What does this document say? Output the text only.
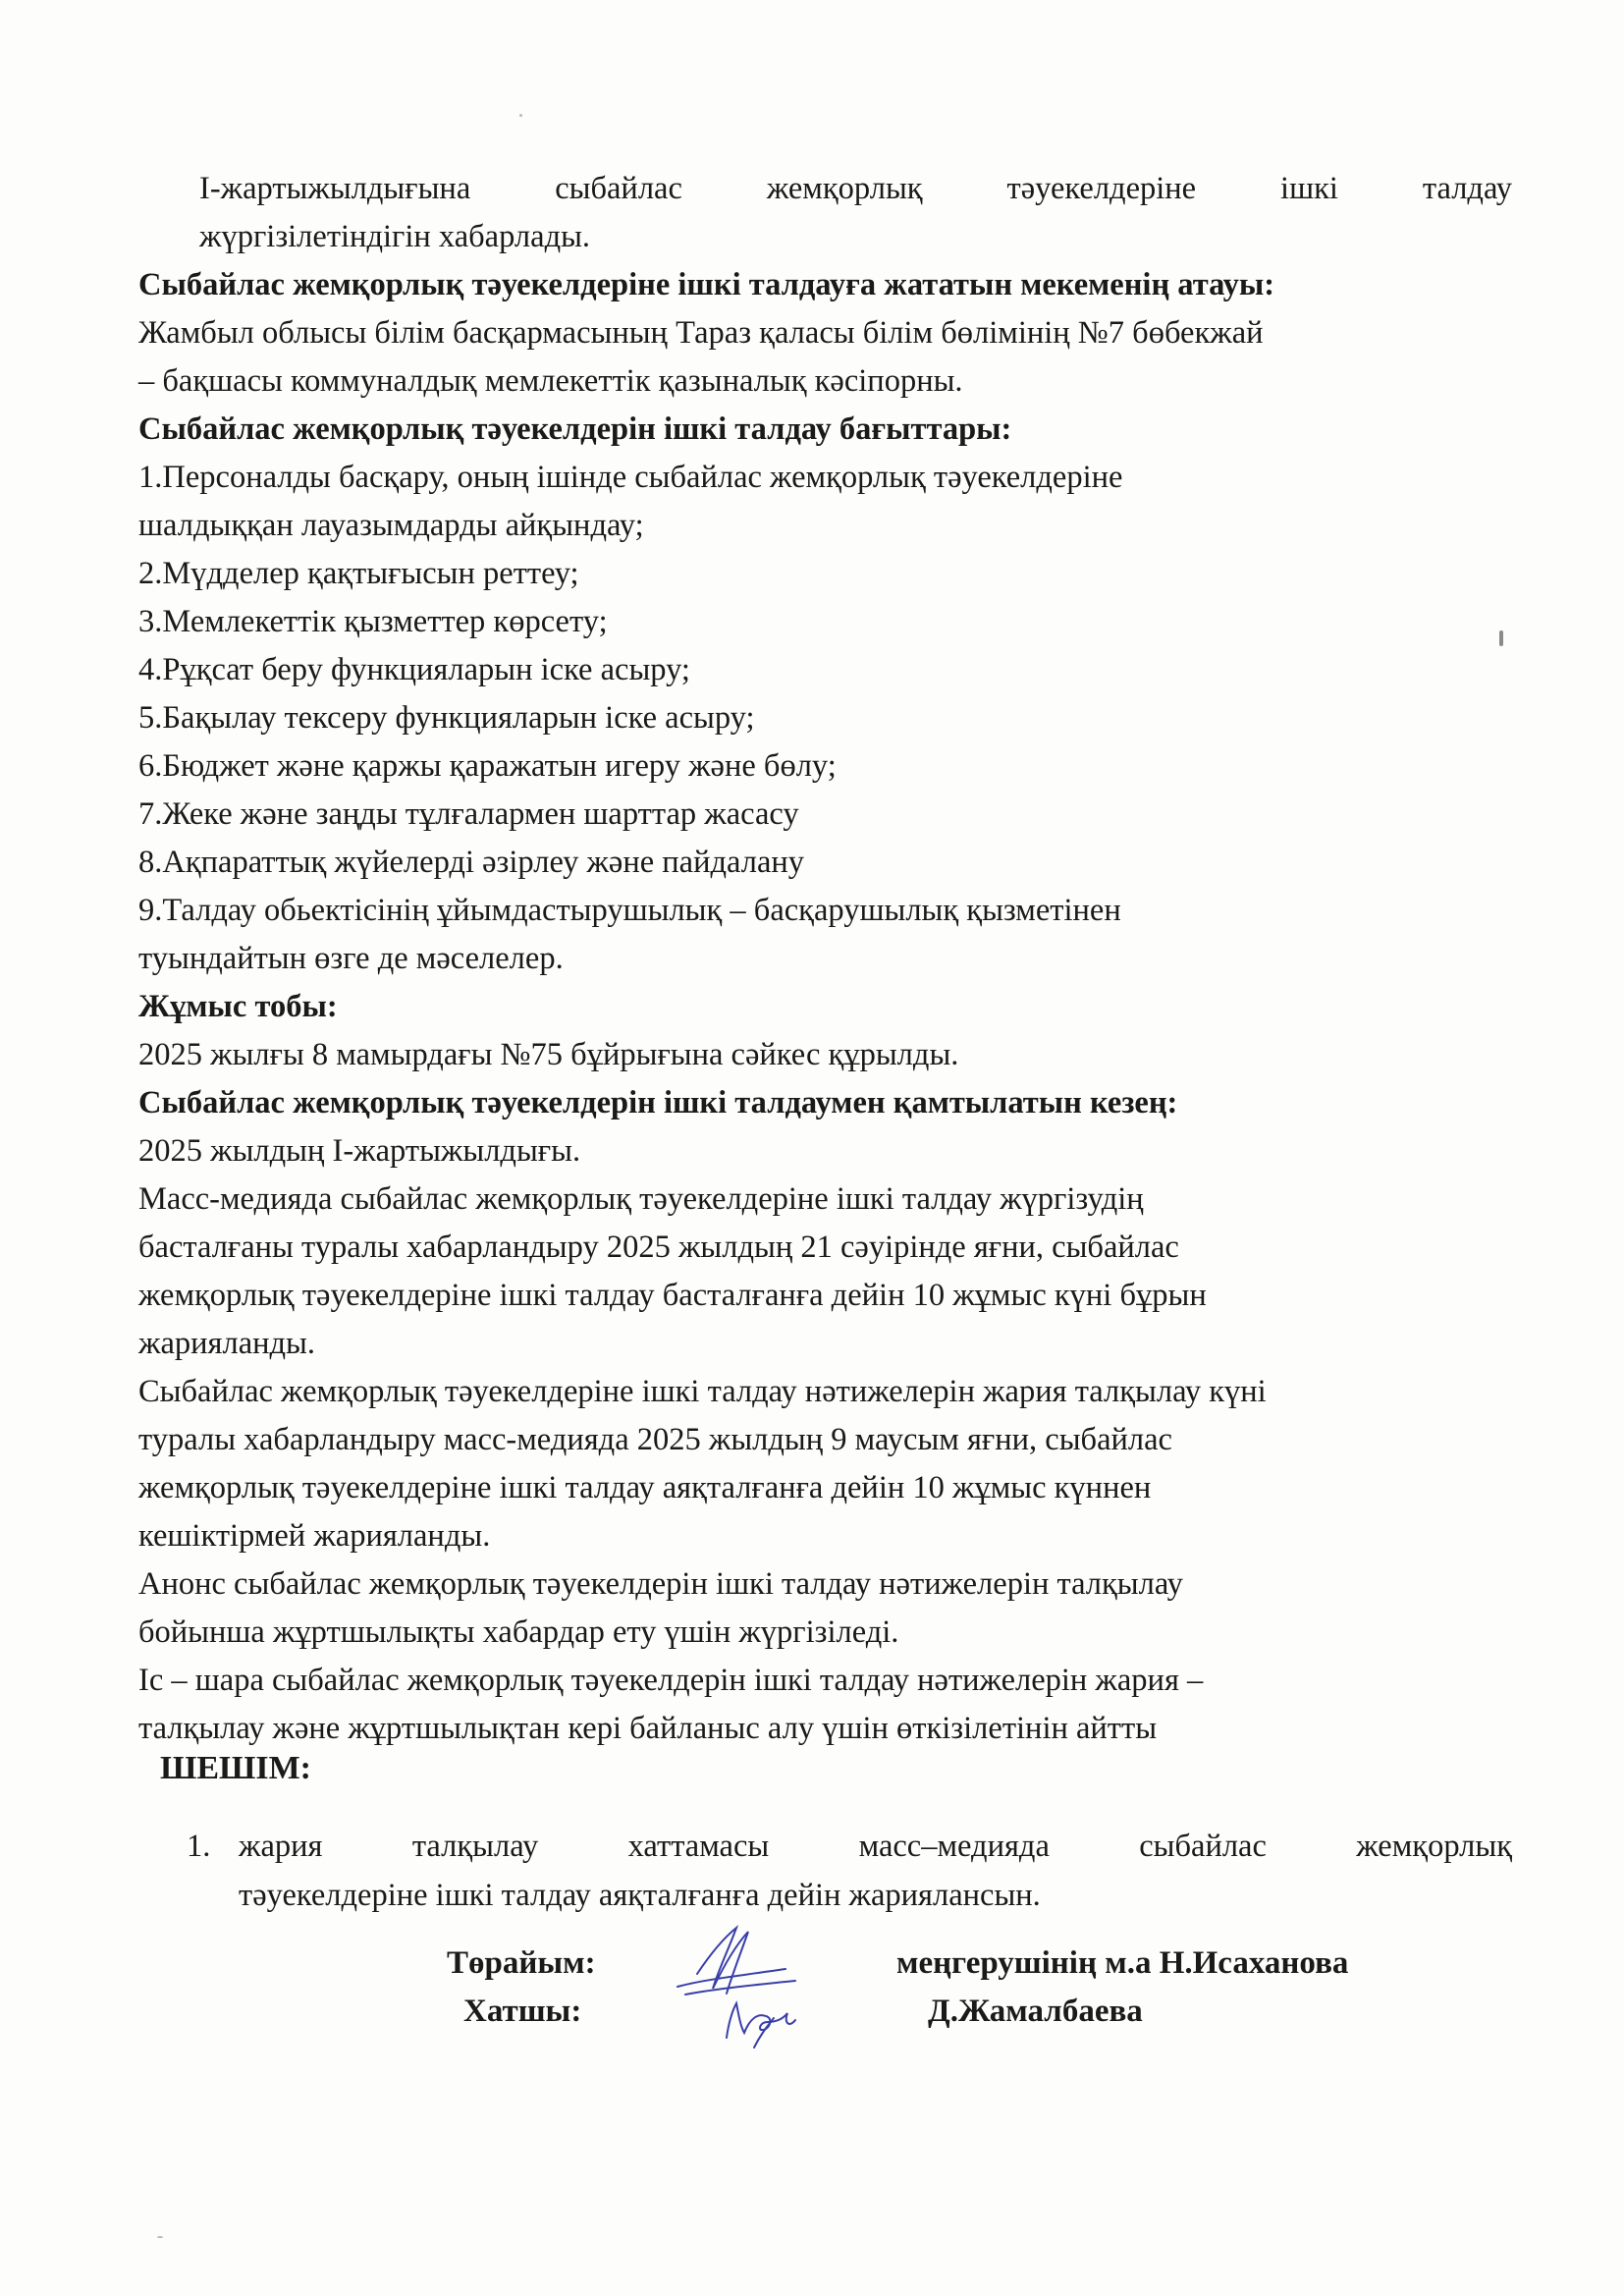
І-жартыжылдығына сыбайлас жемқорлық тәуекелдеріне ішкі талдау
жүргізілетіндігін хабарлады.
Сыбайлас жемқорлық тәуекелдеріне ішкі талдауға жататын мекеменің атауы:
Жамбыл облысы білім басқармасының Тараз қаласы білім бөлімінің №7 бөбекжай
– бақшасы коммуналдық мемлекеттік қазыналық кәсіпорны.
Сыбайлас жемқорлық тәуекелдерін ішкі талдау бағыттары:
1.Персоналды басқару, оның ішінде сыбайлас жемқорлық тәуекелдеріне
шалдыққан лауазымдарды айқындау;
2.Мүдделер қақтығысын реттеу;
3.Мемлекеттік қызметтер көрсету;
4.Рұқсат беру функцияларын іске асыру;
5.Бақылау тексеру функцияларын іске асыру;
6.Бюджет және қаржы қаражатын игеру және бөлу;
7.Жеке және заңды тұлғалармен шарттар жасасу
8.Ақпараттық жүйелерді әзірлеу және пайдалану
9.Талдау обьектісінің ұйымдастырушылық – басқарушылық қызметінен
туындайтын өзге де мәселелер.
Жұмыс тобы:
2025 жылғы 8 мамырдағы №75 бұйрығына сәйкес құрылды.
Сыбайлас жемқорлық тәуекелдерін ішкі талдаумен қамтылатын кезең:
2025 жылдың І-жартыжылдығы.
Масс-медияда сыбайлас жемқорлық тәуекелдеріне ішкі талдау жүргізудің
басталғаны туралы хабарландыру 2025 жылдың 21 сәуірінде яғни, сыбайлас
жемқорлық тәуекелдеріне ішкі талдау басталғанға дейін 10 жұмыс күні бұрын
жарияланды.
Сыбайлас жемқорлық тәуекелдеріне ішкі талдау нәтижелерін жария талқылау күні
туралы хабарландыру масс-медияда 2025 жылдың 9 маусым яғни, сыбайлас
жемқорлық тәуекелдеріне ішкі талдау аяқталғанға дейін 10 жұмыс күннен
кешіктірмей жарияланды.
Анонс сыбайлас жемқорлық тәуекелдерін ішкі талдау нәтижелерін талқылау
бойынша жұртшылықты хабардар ету үшін жүргізіледі.
Іс – шара сыбайлас жемқорлық тәуекелдерін ішкі талдау нәтижелерін жария –
талқылау және жұртшылықтан кері байланыс алу үшін өткізілетінін айтты
ШЕШІМ:
1. жария талқылау хаттамасы масс–медияда сыбайлас жемқорлық
тәуекелдеріне ішкі талдау аяқталғанға дейін жариялансын.
Төрайым:	меңгерушінің м.а Н.Исаханова
Хатшы:	Д.Жамалбаева
